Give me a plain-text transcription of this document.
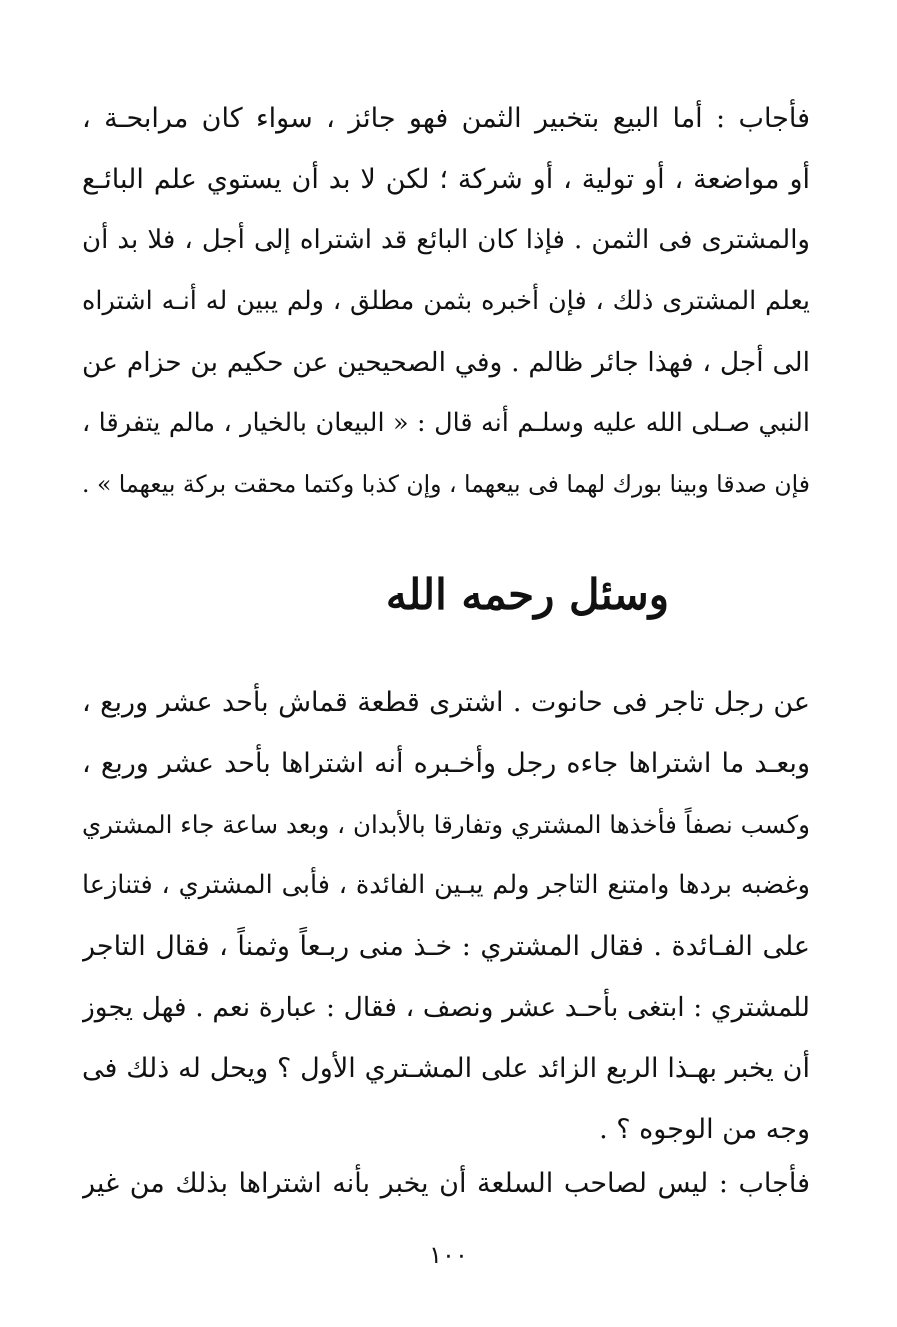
فأجاب : أما البيع بتخبير الثمن فهو جائز ، سواء كان مرابحـة ،
أو مواضعة ، أو تولية ، أو شركة ؛ لكن لا بد أن يستوي علم البائـع
والمشترى فى الثمن . فإذا كان البائع قد اشتراه إلى أجل ، فلا بد أن
يعلم المشترى ذلك ، فإن أخبره بثمن مطلق ، ولم يبين له أنـه اشتراه
الى أجل ، فهذا جائر ظالم . وفي الصحيحين عن حكيم بن حزام عن
النبي صـلى الله عليه وسلـم أنه قال : « البيعان بالخيار ، مالم يتفرقا ،
فإن صدقا وبينا بورك لهما فى بيعهما ، وإن كذبا وكتما محقت بركة بيعهما » .
وسئل رحمه الله
عن رجل تاجر فى حانوت . اشترى قطعة قماش بأحد عشر وربع ،
وبعـد ما اشتراها جاءه رجل وأخـبره أنه اشتراها بأحد عشر وربع ،
وكسب نصفاً فأخذها المشتري وتفارقا بالأبدان ، وبعد ساعة جاء المشتري
وغضبه بردها وامتنع التاجر ولم يبـين الفائدة ، فأبى المشتري ، فتنازعا
على الفـائدة . فقال المشتري : خـذ منى ربـعاً وثمناً ، فقال التاجر
للمشتري : ابتغى بأحـد عشر ونصف ، فقال : عبارة نعم . فهل يجوز
أن يخبر بهـذا الربع الزائد على المشـتري الأول ؟ ويحل له ذلك فى
وجه من الوجوه ؟ .
فأجاب : ليس لصاحب السلعة أن يخبر بأنه اشتراها بذلك من غير
١٠٠
